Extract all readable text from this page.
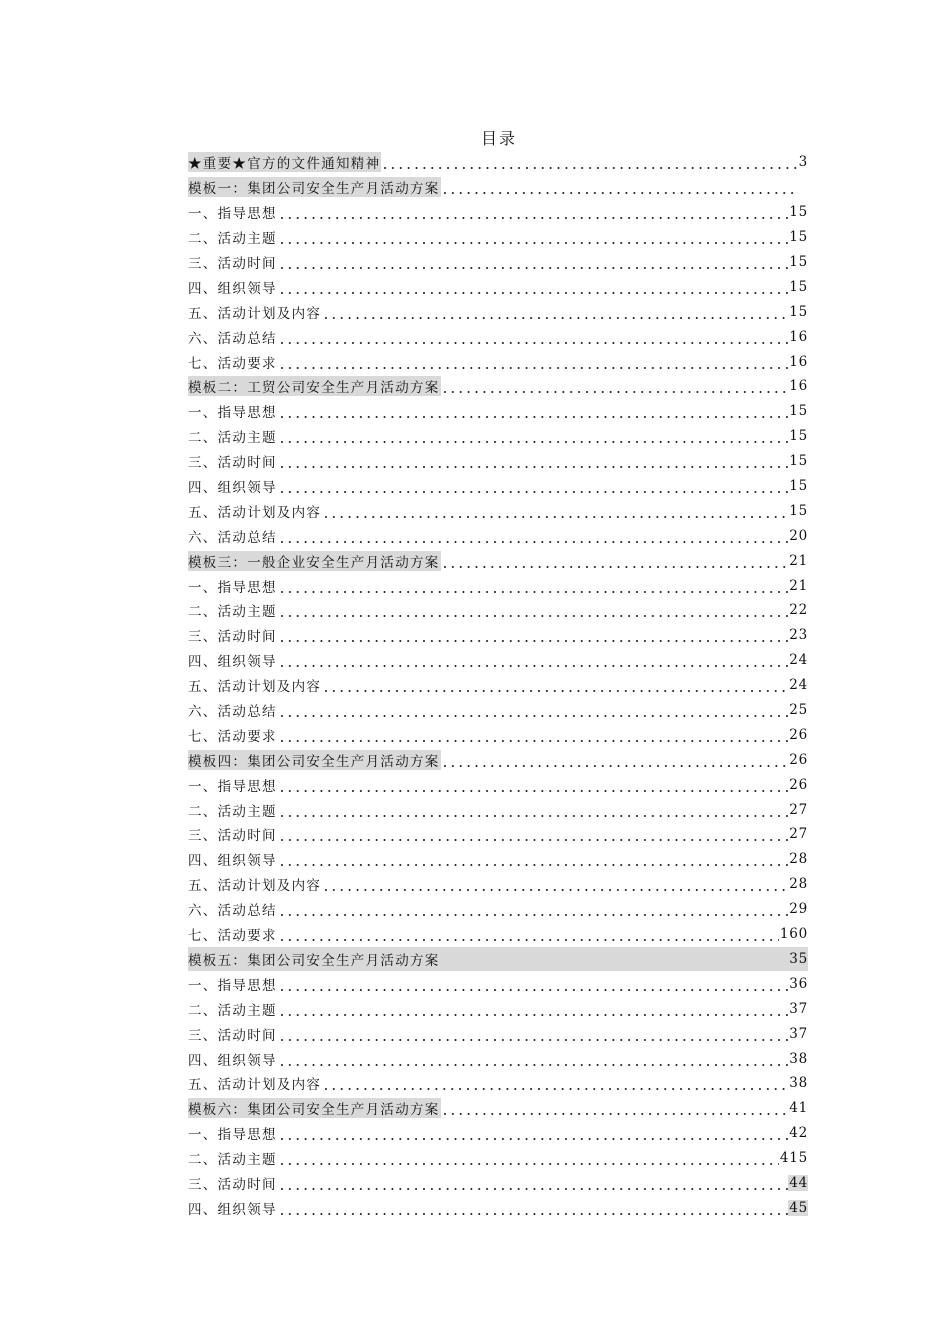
目录
★重要★官方的文件通知精神	3
模板一：集团公司安全生产月活动方案
一、指导思想	15
二、活动主题	15
三、活动时间	15
四、组织领导	15
五、活动计划及内容	15
六、活动总结	16
七、活动要求	16
模板二：工贸公司安全生产月活动方案	16
一、指导思想	15
二、活动主题	15
三、活动时间	15
四、组织领导	15
五、活动计划及内容	15
六、活动总结	20
模板三：一般企业安全生产月活动方案	21
一、指导思想	21
二、活动主题	22
三、活动时间	23
四、组织领导	24
五、活动计划及内容	24
六、活动总结	25
七、活动要求	26
模板四：集团公司安全生产月活动方案	26
一、指导思想	26
二、活动主题	27
三、活动时间	27
四、组织领导	28
五、活动计划及内容	28
六、活动总结	29
七、活动要求	160
模板五：集团公司安全生产月活动方案	35
一、指导思想	36
二、活动主题	37
三、活动时间	37
四、组织领导	38
五、活动计划及内容	38
模板六：集团公司安全生产月活动方案	41
一、指导思想	42
二、活动主题	415
三、活动时间	44
四、组织领导	45
